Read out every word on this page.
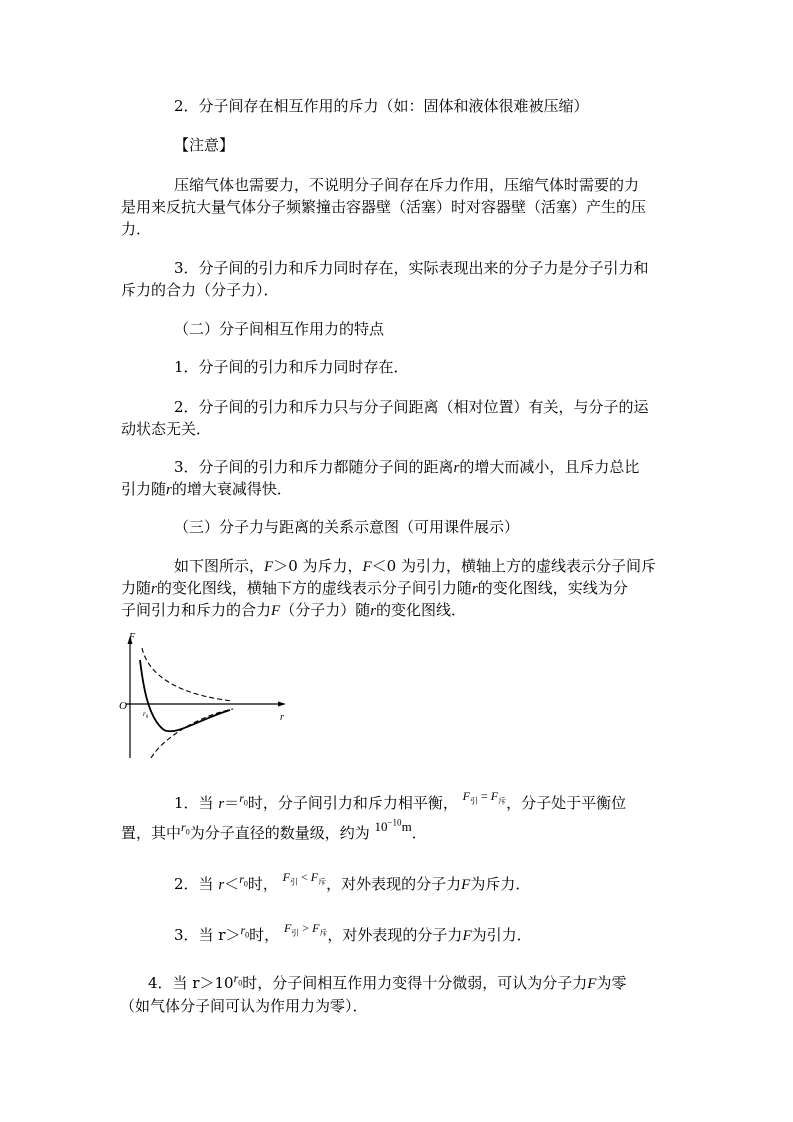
2．分子间存在相互作用的斥力（如：固体和液体很难被压缩）
【注意】
压缩气体也需要力，不说明分子间存在斥力作用，压缩气体时需要的力
是用来反抗大量气体分子频繁撞击容器壁（活塞）时对容器壁（活塞）产生的压
力．
3．分子间的引力和斥力同时存在，实际表现出来的分子力是分子引力和
斥力的合力（分子力）．
（二）分子间相互作用力的特点
1．分子间的引力和斥力同时存在．
2．分子间的引力和斥力只与分子间距离（相对位置）有关，与分子的运
动状态无关．
3．分子间的引力和斥力都随分子间的距离r的增大而减小，且斥力总比
引力随r的增大衰减得快．
（三）分子力与距离的关系示意图（可用课件展示）
如下图所示，F＞0 为斥力，F＜0 为引力，横轴上方的虚线表示分子间斥
力随r的变化图线，横轴下方的虚线表示分子间引力随r的变化图线，实线为分
子间引力和斥力的合力F（分子力）随r的变化图线．
F
r
O
$r_0$
1．当 r＝$^{r_0}$时，分子间引力和斥力相平衡， $^{F_引 = F_斥}$，分子处于平衡位
置，其中$^{r_0}$为分子直径的数量级，约为 $10^{-10}m$．
2．当 r＜$^{r_0}$时， $^{F_引 < F_斥}$，对外表现的分子力F为斥力．
3．当 r＞$^{r_0}$时， $^{F_引 > F_斥}$，对外表现的分子力F为引力．
4．当 $r>10^{r_0}$时，分子间相互作用力变得十分微弱，可认为分子力F为零
（如气体分子间可认为作用力为零）．
